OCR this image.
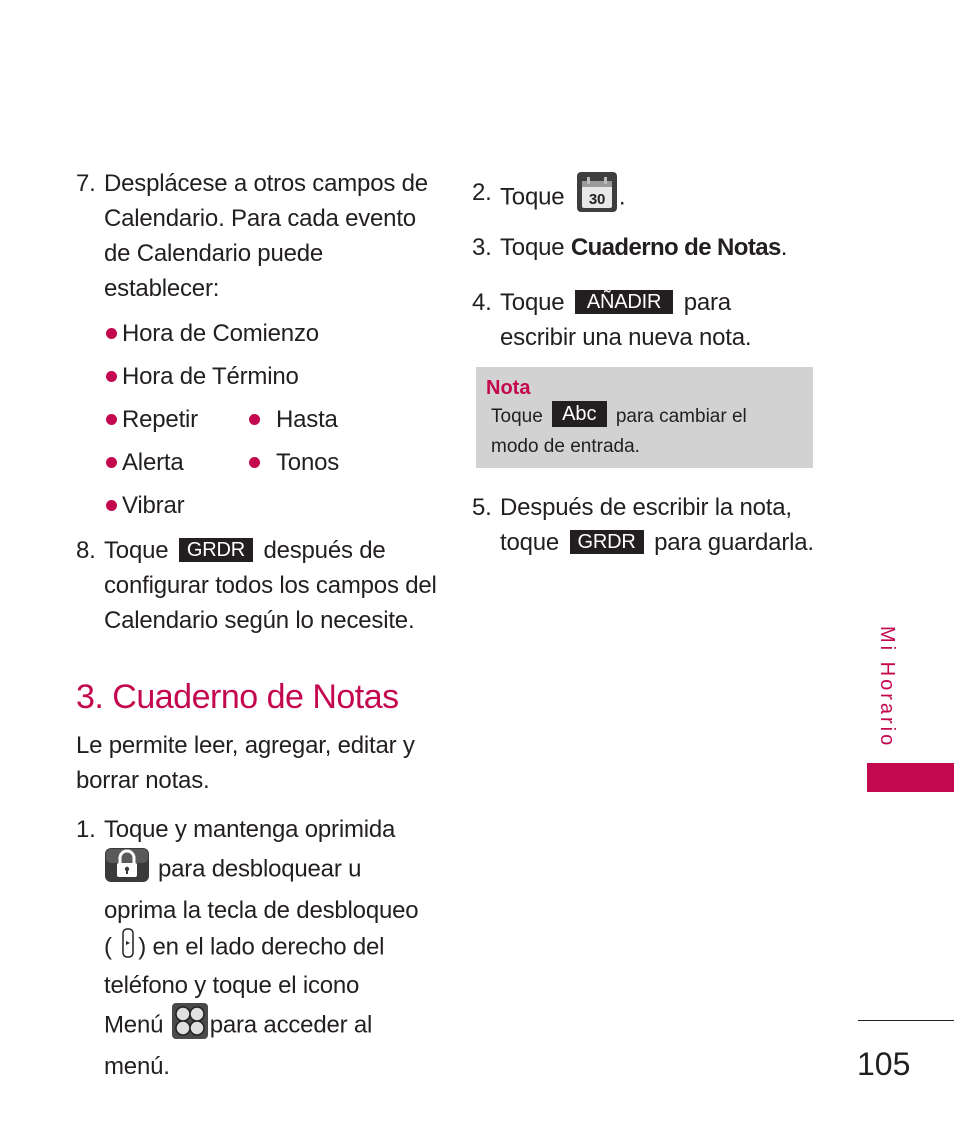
7. Desplácese a otros campos de
Calendario. Para cada evento
de Calendario puede
establecer:
Hora de Comienzo
Hora de Término
Repetir	Hasta
Alerta	Tonos
Vibrar
8. Toque GRDR después de
configurar todos los campos del
Calendario según lo necesite.
3. Cuaderno de Notas
Le permite leer, agregar, editar y
borrar notas.
1. Toque y mantenga oprimida
para desbloquear u
oprima la tecla de desbloqueo
( ) en el lado derecho del
teléfono y toque el icono
Menú para acceder al
menú.
2. Toque 30 .
3. Toque Cuaderno de Notas.
4. Toque AÑADIR para
escribir una nueva nota.
Nota
Toque Abc para cambiar el
modo de entrada.
5. Después de escribir la nota,
toque GRDR para guardarla.
Mi Horario
105
